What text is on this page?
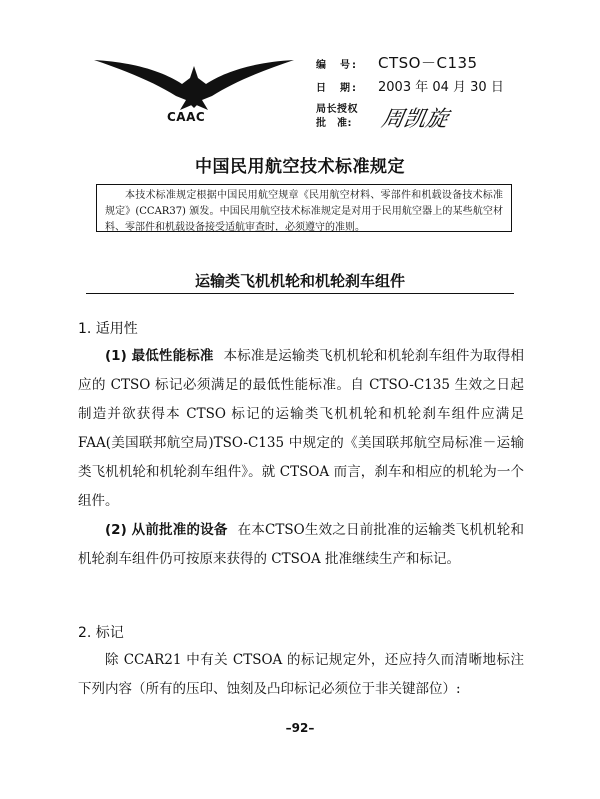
CAAC
编　号:	CTSO－C135
日　期:	2003 年 04 月 30 日
局长授权
批　准:	周凯旋
中国民用航空技术标准规定
本技术标准规定根据中国民用航空规章《民用航空材料、零部件和机载设备技术标准规定》(CCAR37) 颁发。中国民用航空技术标准规定是对用于民用航空器上的某些航空材料、零部件和机载设备接受适航审查时，必须遵守的准则。
运输类飞机机轮和机轮刹车组件
1. 适用性
(1) 最低性能标准 本标准是运输类飞机机轮和机轮刹车组件为取得相应的 CTSO 标记必须满足的最低性能标准。自 CTSO-C135 生效之日起制造并欲获得本 CTSO 标记的运输类飞机机轮和机轮刹车组件应满足FAA(美国联邦航空局)TSO-C135 中规定的《美国联邦航空局标准－运输类飞机机轮和机轮刹车组件》。就 CTSOA 而言，刹车和相应的机轮为一个组件。
(2) 从前批准的设备 在本CTSO生效之日前批准的运输类飞机机轮和机轮刹车组件仍可按原来获得的 CTSOA 批准继续生产和标记。
2. 标记
除 CCAR21 中有关 CTSOA 的标记规定外，还应持久而清晰地标注下列内容（所有的压印、蚀刻及凸印标记必须位于非关键部位）:
–92–
